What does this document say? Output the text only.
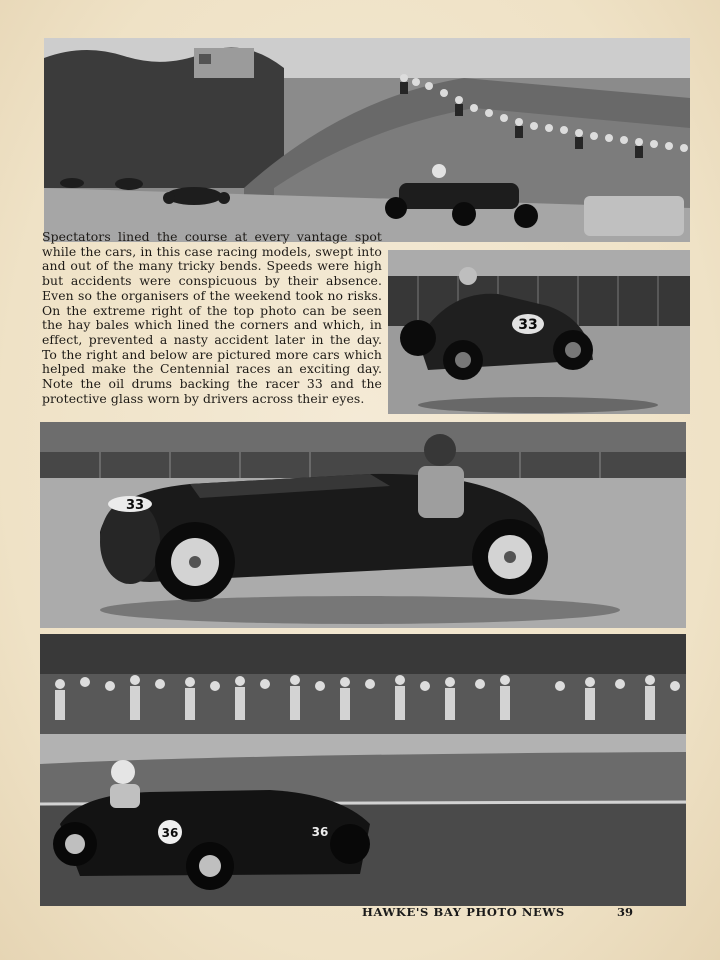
Spectators lined the course at every vantage spot while the cars, in this case racing models, swept into and out of the many tricky bends. Speeds were high but accidents were conspicuous by their absence. Even so the organisers of the weekend took no risks. On the extreme right of the top photo can be seen the hay bales which lined the corners and which, in effect, prevented a nasty accident later in the day. To the right and below are pictured more cars which helped make the Centennial races an exciting day. Note the oil drums backing the racer 33 and the protective glass worn by drivers across their eyes.

33
33
36	36
HAWKE'S BAY PHOTO NEWS	39
